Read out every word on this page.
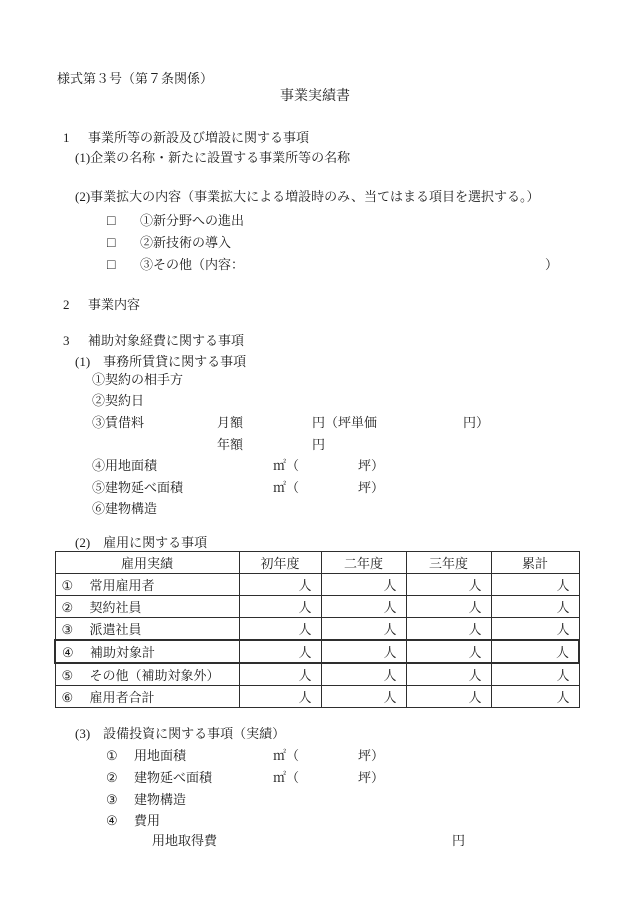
様式第３号（第７条関係）
事業実績書
1 事業所等の新設及び増設に関する事項
(1)企業の名称・新たに設置する事業所等の名称
(2)事業拡大の内容（事業拡大による増設時のみ、当てはまる項目を選択する。）
□ ①新分野への進出
□ ②新技術の導入
□ ③その他（内容：	）
2 事業内容
3 補助対象経費に関する事項
(1)　事務所賃貸に関する事項
①契約の相手方
②契約日
③賃借料	月額	円（坪単価	円）
年額	円
④用地面積	㎡（	坪）
⑤建物延べ面積	㎡（	坪）
⑥建物構造
(2)　雇用に関する事項
雇用実績	初年度	二年度	三年度	累計
① 常用雇用者	人	人	人	人
② 契約社員	人	人	人	人
③ 派遣社員	人	人	人	人
④ 補助対象計	人	人	人	人
⑤ その他（補助対象外）	人	人	人	人
⑥ 雇用者合計	人	人	人	人
(3)　設備投資に関する事項（実績）
① 用地面積	㎡（	坪）
② 建物延べ面積	㎡（	坪）
③ 建物構造
④ 費用
用地取得費	円
